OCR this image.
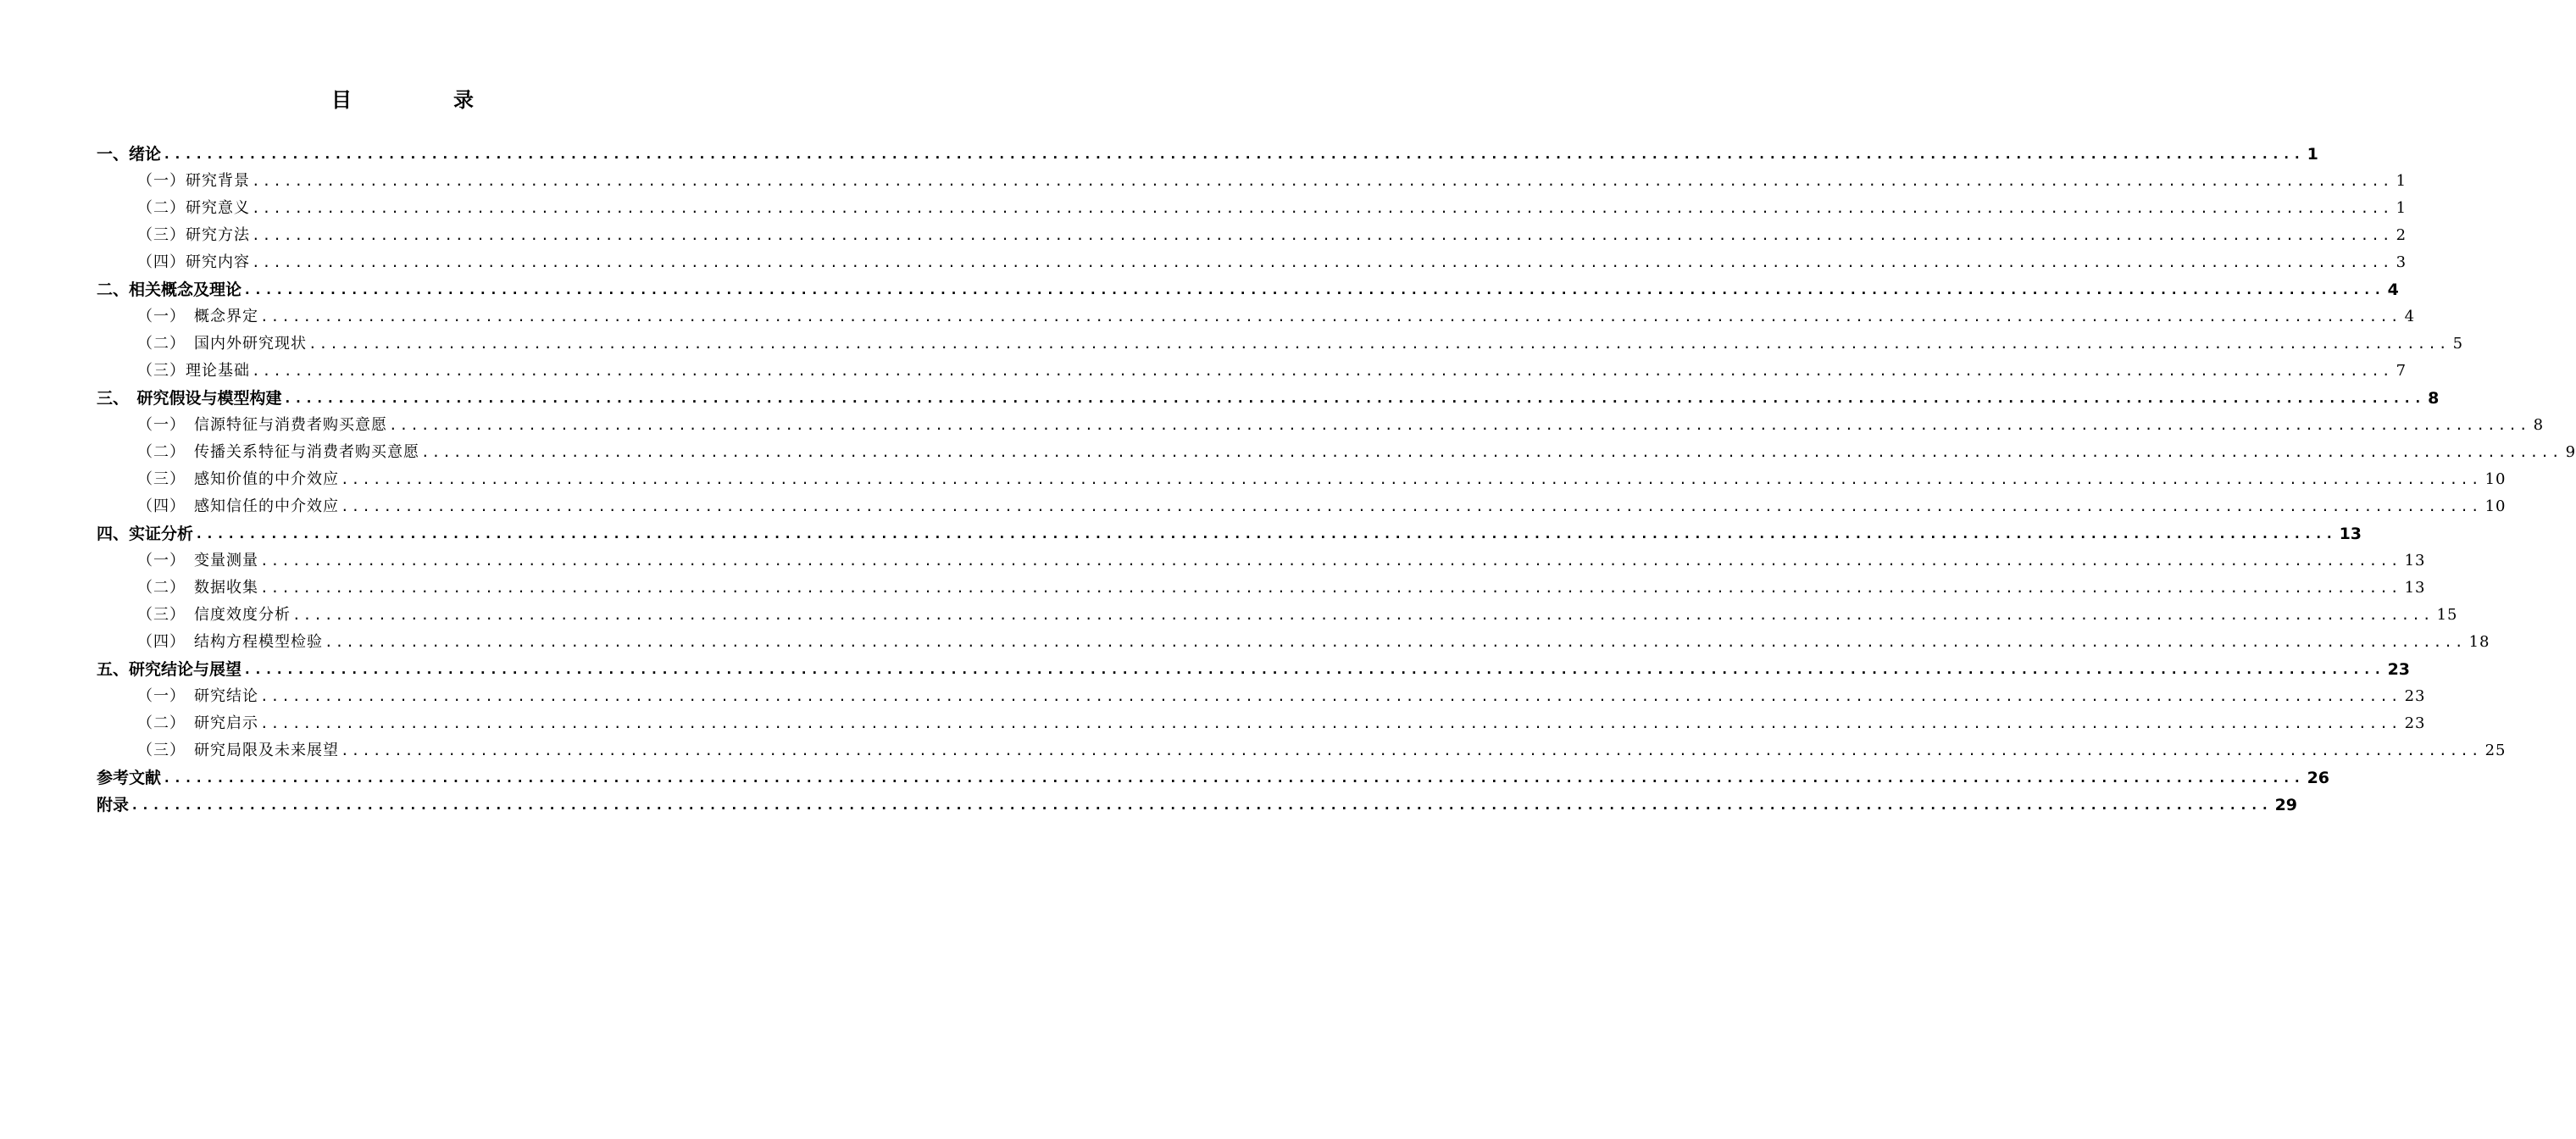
目　录
一、绪论 ........................................................................................................................................................................................................ 1
（一）研究背景 ........................................................................................................................................................................................................ 1
（二）研究意义 ........................................................................................................................................................................................................ 1
（三）研究方法 ........................................................................................................................................................................................................ 2
（四）研究内容 ........................................................................................................................................................................................................ 3
二、相关概念及理论 ........................................................................................................................................................................................................ 4
（一）　概念界定 ........................................................................................................................................................................................................ 4
（二）　国内外研究现状 ........................................................................................................................................................................................................ 5
（三）理论基础 ........................................................................................................................................................................................................ 7
三、　研究假设与模型构建 ........................................................................................................................................................................................................ 8
（一）　信源特征与消费者购买意愿 ........................................................................................................................................................................................................ 8
（二）　传播关系特征与消费者购买意愿 ........................................................................................................................................................................................................ 9
（三）　感知价值的中介效应 ........................................................................................................................................................................................................ 10
（四）　感知信任的中介效应 ........................................................................................................................................................................................................ 10
四、实证分析 ........................................................................................................................................................................................................ 13
（一）　变量测量 ........................................................................................................................................................................................................ 13
（二）　数据收集 ........................................................................................................................................................................................................ 13
（三）　信度效度分析 ........................................................................................................................................................................................................ 15
（四）　结构方程模型检验 ........................................................................................................................................................................................................ 18
五、研究结论与展望 ........................................................................................................................................................................................................ 23
（一）　研究结论 ........................................................................................................................................................................................................ 23
（二）　研究启示 ........................................................................................................................................................................................................ 23
（三）　研究局限及未来展望 ........................................................................................................................................................................................................ 25
参考文献 ........................................................................................................................................................................................................ 26
附录 ........................................................................................................................................................................................................ 29
